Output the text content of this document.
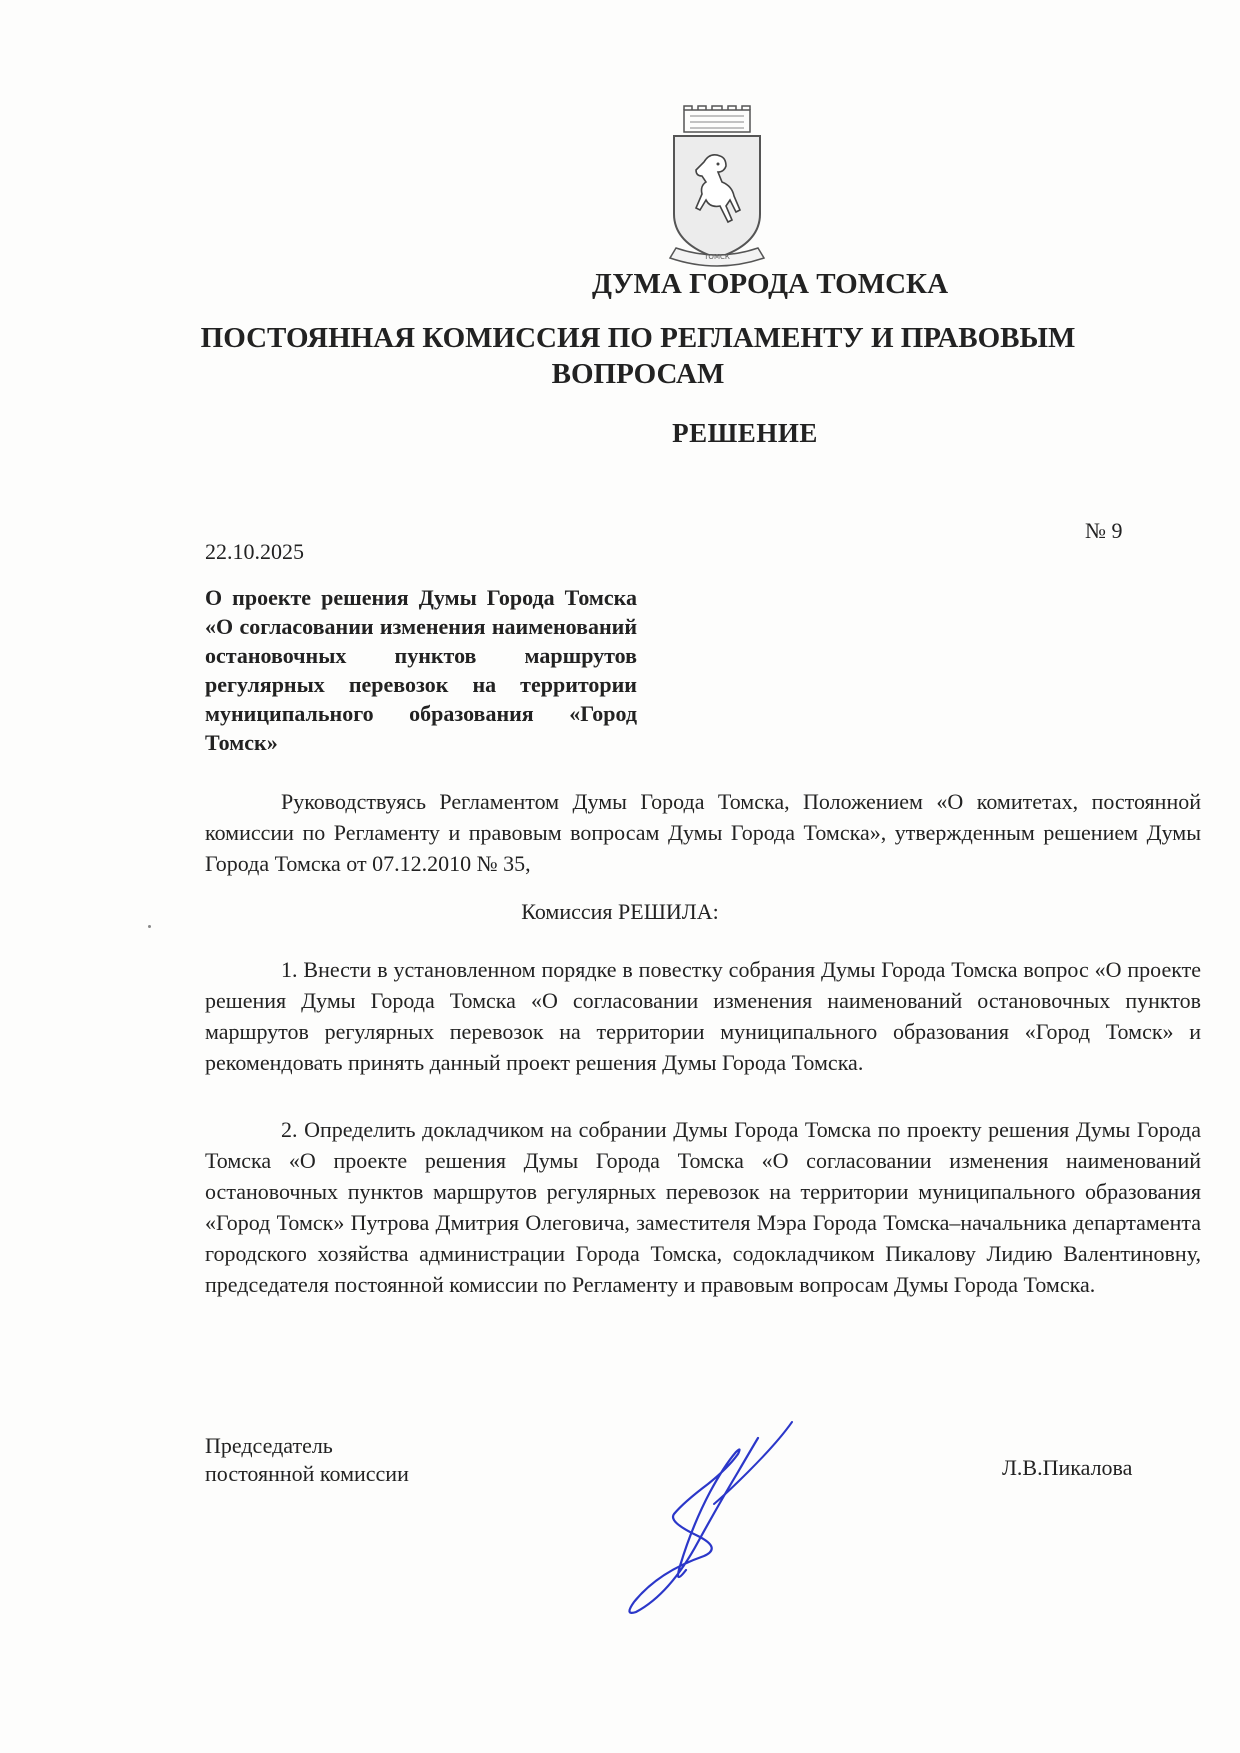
ТОМСК
ДУМА ГОРОДА ТОМСКА
ПОСТОЯННАЯ КОМИССИЯ ПО РЕГЛАМЕНТУ И ПРАВОВЫМ ВОПРОСАМ
РЕШЕНИЕ
22.10.2025
№ 9
О проекте решения Думы Города Томска «О согласовании изменения наименований остановочных пунктов маршрутов регулярных перевозок на территории муниципального образования «Город Томск»
Руководствуясь Регламентом Думы Города Томска, Положением «О комитетах, постоянной комиссии по Регламенту и правовым вопросам Думы Города Томска», утвержденным решением Думы Города Томска от 07.12.2010 № 35,
Комиссия РЕШИЛА:
1. Внести в установленном порядке в повестку собрания Думы Города Томска вопрос «О проекте решения Думы Города Томска «О согласовании изменения наименований остановочных пунктов маршрутов регулярных перевозок на территории муниципального образования «Город Томск» и рекомендовать принять данный проект решения Думы Города Томска.
2. Определить докладчиком на собрании Думы Города Томска по проекту решения Думы Города Томска «О проекте решения Думы Города Томска «О согласовании изменения наименований остановочных пунктов маршрутов регулярных перевозок на территории муниципального образования «Город Томск» Путрова Дмитрия Олеговича, заместителя Мэра Города Томска–начальника департамента городского хозяйства администрации Города Томска, содокладчиком Пикалову Лидию Валентиновну, председателя постоянной комиссии по Регламенту и правовым вопросам Думы Города Томска.
Председатель
постоянной комиссии	Л.В.Пикалова
